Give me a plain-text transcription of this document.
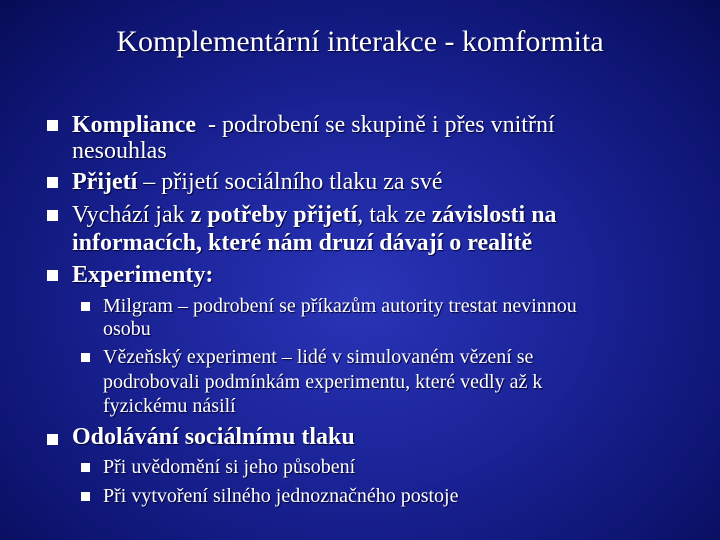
Komplementární interakce - komformita
Kompliance  - podrobení se skupině i přes vnitřní
nesouhlas
Přijetí – přijetí sociálního tlaku za své
Vychází jak z potřeby přijetí, tak ze závislosti na
informacích, které nám druzí dávají o realitě
Experimenty:
Milgram – podrobení se příkazům autority trestat nevinnou
osobu
Vězeňský experiment – lidé v simulovaném vězení se
podrobovali podmínkám experimentu, které vedly až k
fyzickému násilí
Odolávání sociálnímu tlaku
Při uvědomění si jeho působení
Při vytvoření silného jednoznačného postoje
